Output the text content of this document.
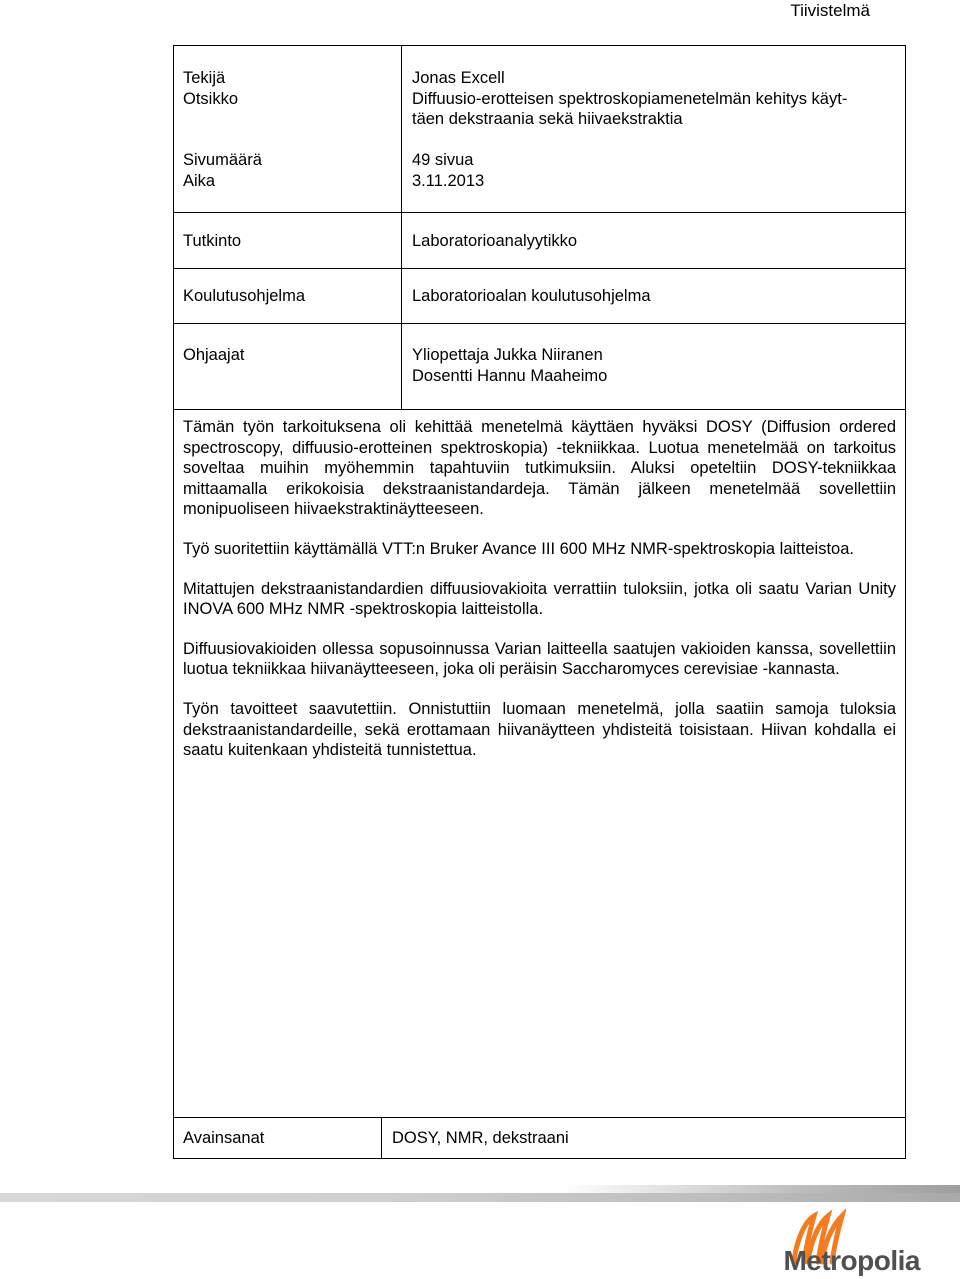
Tiivistelmä
Tekijä
Otsikko
Sivumäärä
Aika
Tutkinto
Koulutusohjelma
Ohjaajat
Jonas Excell
Diffuusio-erotteisen spektroskopiamenetelmän kehitys käyt-
täen dekstraania sekä hiivaekstraktia
49 sivua
3.11.2013
Laboratorioanalyytikko
Laboratorioalan koulutusohjelma
Yliopettaja Jukka Niiranen
Dosentti Hannu Maaheimo

Tämän työn tarkoituksena oli kehittää menetelmä käyttäen hyväksi DOSY (Diffusion ordered spectroscopy, diffuusio-erotteinen spektroskopia) -tekniikkaa. Luotua menetelmää on tarkoitus soveltaa muihin myöhemmin tapahtuviin tutkimuksiin. Aluksi opeteltiin DOSY-tekniikkaa mittaamalla erikokoisia dekstraanistandardeja. Tämän jälkeen menetelmää sovellettiin monipuoliseen hiivaekstraktinäytteeseen.

Työ suoritettiin käyttämällä VTT:n Bruker Avance III 600 MHz NMR-spektroskopia laitteistoa.

Mitattujen dekstraanistandardien diffuusiovakioita verrattiin tuloksiin, jotka oli saatu Varian Unity INOVA 600 MHz NMR -spektroskopia laitteistolla.

Diffuusiovakioiden ollessa sopusoinnussa Varian laitteella saatujen vakioiden kanssa, sovellettiin luotua tekniikkaa hiivanäytteeseen, joka oli peräisin Saccharomyces cerevisiae -kannasta.

Työn tavoitteet saavutettiin. Onnistuttiin luomaan menetelmä, jolla saatiin samoja tuloksia dekstraanistandardeille, sekä erottamaan hiivanäytteen yhdisteitä toisistaan. Hiivan kohdalla ei saatu kuitenkaan yhdisteitä tunnistettua.

Avainsanat	DOSY, NMR, dekstraani
Metropolia
